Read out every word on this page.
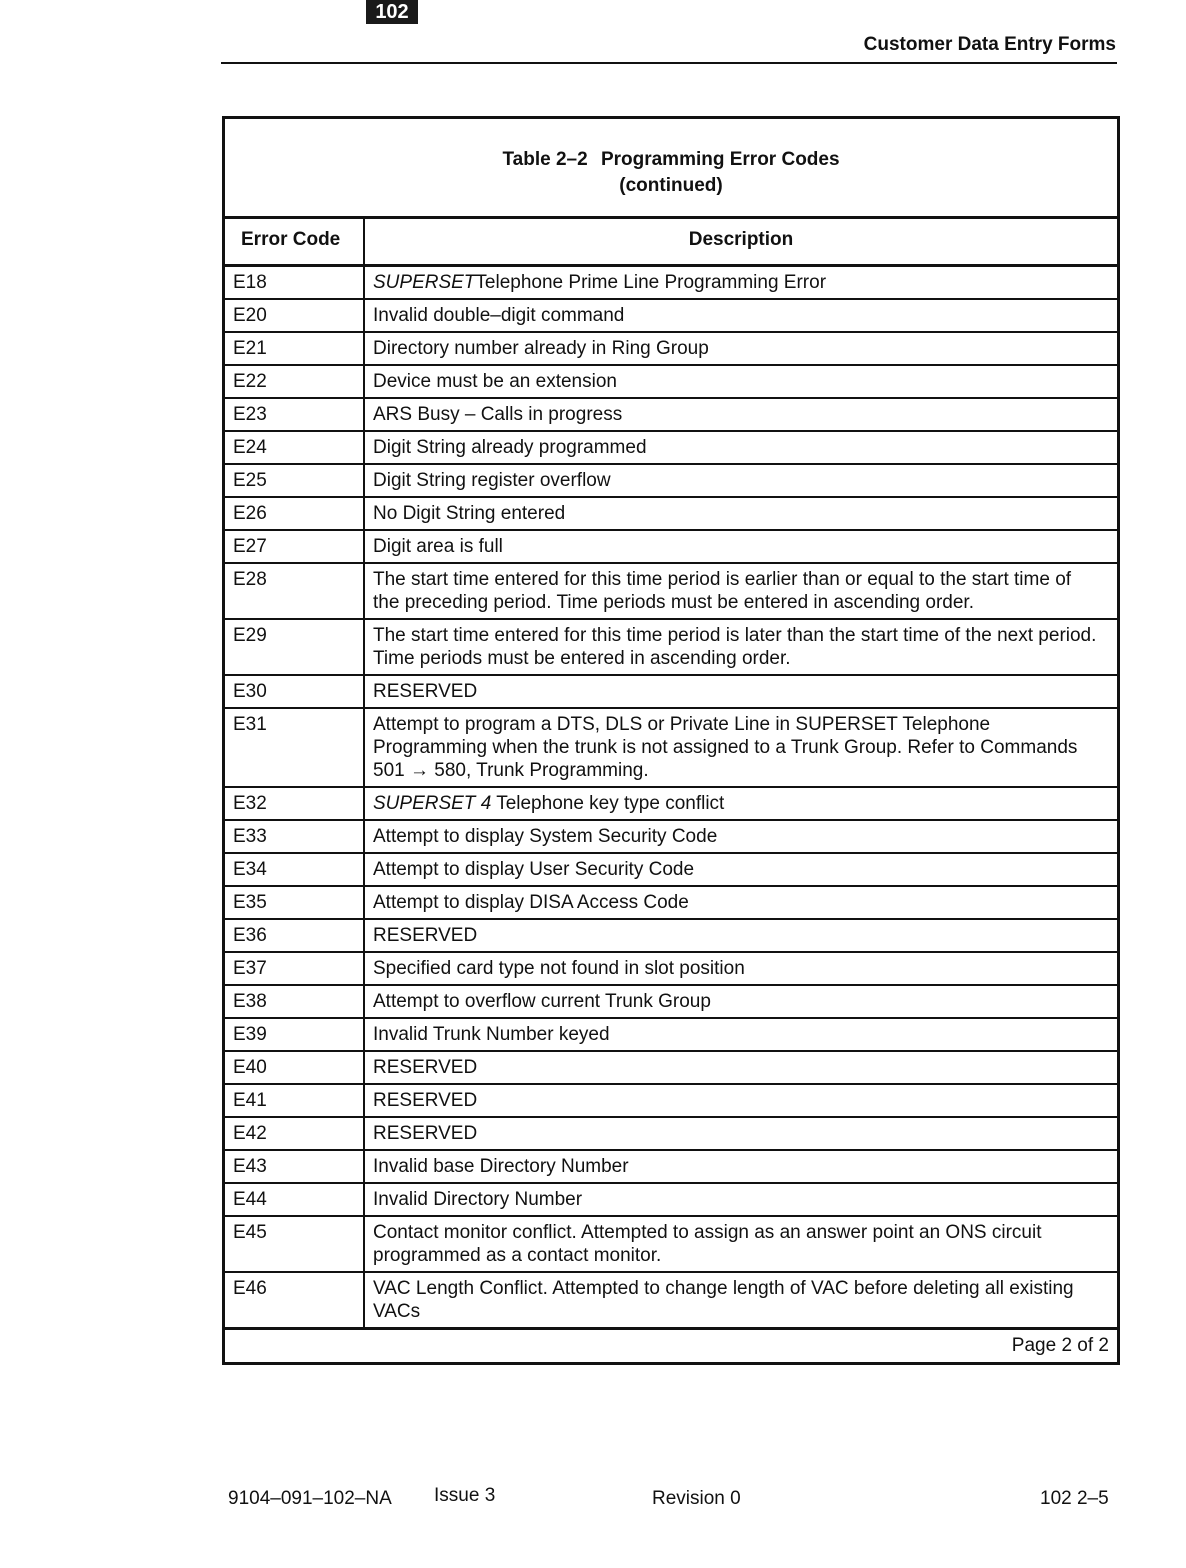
102
Customer Data Entry Forms
Table 2–2 Programming Error Codes
(continued)
Error Code	Description
E18	SUPERSETTelephone Prime Line Programming Error
E20	Invalid double–digit command
E21	Directory number already in Ring Group
E22	Device must be an extension
E23	ARS Busy – Calls in progress
E24	Digit String already programmed
E25	Digit String register overflow
E26	No Digit String entered
E27	Digit area is full
E28	The start time entered for this time period is earlier than or equal to the start time of the preceding period. Time periods must be entered in ascending order.
E29	The start time entered for this time period is later than the start time of the next period. Time periods must be entered in ascending order.
E30	RESERVED
E31	Attempt to program a DTS, DLS or Private Line in SUPERSET Telephone Programming when the trunk is not assigned to a Trunk Group. Refer to Commands 501 → 580, Trunk Programming.
E32	SUPERSET 4 Telephone key type conflict
E33	Attempt to display System Security Code
E34	Attempt to display User Security Code
E35	Attempt to display DISA Access Code
E36	RESERVED
E37	Specified card type not found in slot position
E38	Attempt to overflow current Trunk Group
E39	Invalid Trunk Number keyed
E40	RESERVED
E41	RESERVED
E42	RESERVED
E43	Invalid base Directory Number
E44	Invalid Directory Number
E45	Contact monitor conflict. Attempted to assign as an answer point an ONS circuit programmed as a contact monitor.
E46	VAC Length Conflict. Attempted to change length of VAC before deleting all existing VACs
Page 2 of 2
9104–091–102–NA Issue 3	Revision 0	102 2–5
